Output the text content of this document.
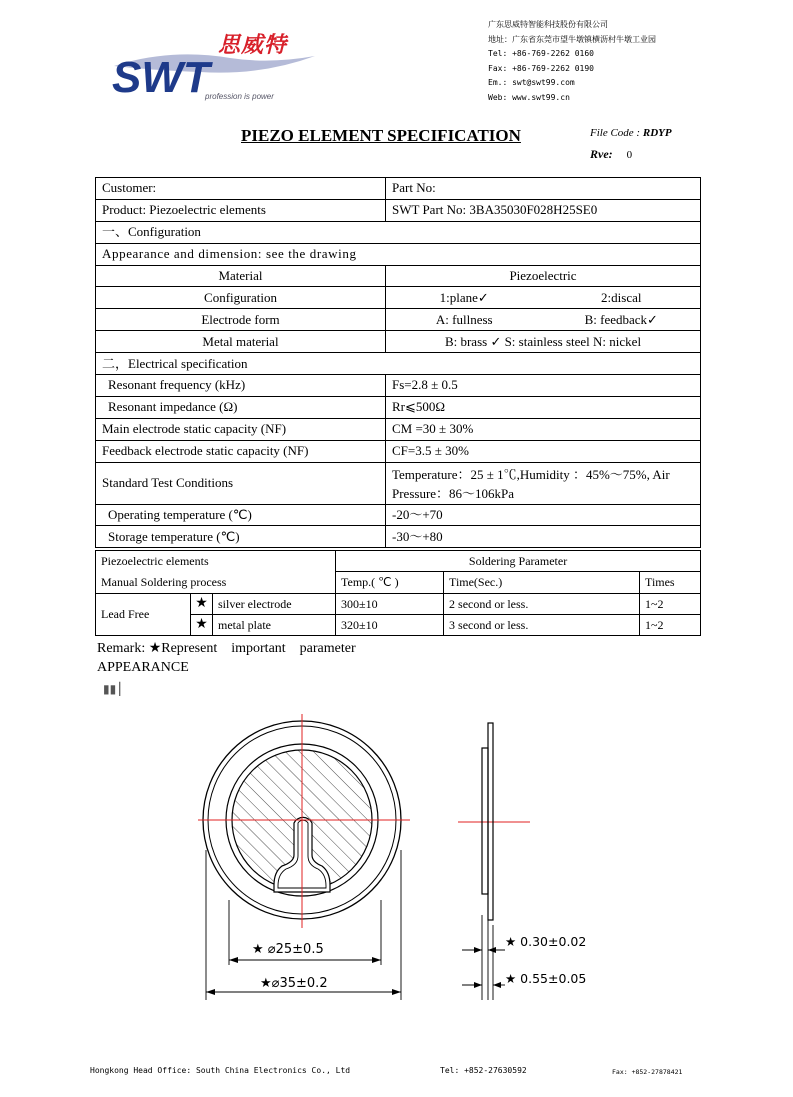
SWT
思威特
profession is power
广东思威特智能科技股份有限公司
地址：广东省东莞市望牛墩镇横沥村牛墩工业园
Tel: +86-769-2262 0160
Fax: +86-769-2262 0190
Em.: swt@swt99.com
Web: www.swt99.cn
PIEZO ELEMENT SPECIFICATION	File Code : RDYP
Rve: 0
Customer:	Part No:	
Product: Piezoelectric elements	SWT Part No: 3BA35030F028H25SE0	
一、Configuration		
Appearance and dimension: see the drawing		
Material	Piezoelectric	
Configuration	1:plane✓	2:discal
Electrode form	A: fullness	B: feedback✓
Metal material	B: brass ✓ S: stainless steel N: nickel	
二，Electrical specification		
Resonant frequency (kHz)	Fs=2.8 ± 0.5	
Resonant impedance (Ω)	Rr⩽500Ω	
Main electrode static capacity (NF)	CM =30 ± 30%	
Feedback electrode static capacity (NF)	CF=3.5 ± 30%	
Standard Test Conditions	Temperature：25 ± 1℃,Humidity ：45%～75%, Air Pressure：86～106kPa	
Operating temperature (℃)	-20～+70	
Storage temperature (℃)	-30～+80	
Piezoelectric elements			Soldering Parameter		
Manual Soldering process			Temp.( ℃ )	Time(Sec.)	Times
Lead Free	★	silver electrode	300±10	2 second or less.	1~2
	★	metal plate	320±10	3 second or less.	1~2
Remark: ★Represent    important    parameter
APPEARANCE
▮▮ ▏
★ ⌀25±0.5
★⌀35±0.2
★ 0.30±0.02
★ 0.55±0.05
Hongkong Head Office: South China Electronics Co., Ltd	Tel: +852-27630592	Fax: +852-27878421
